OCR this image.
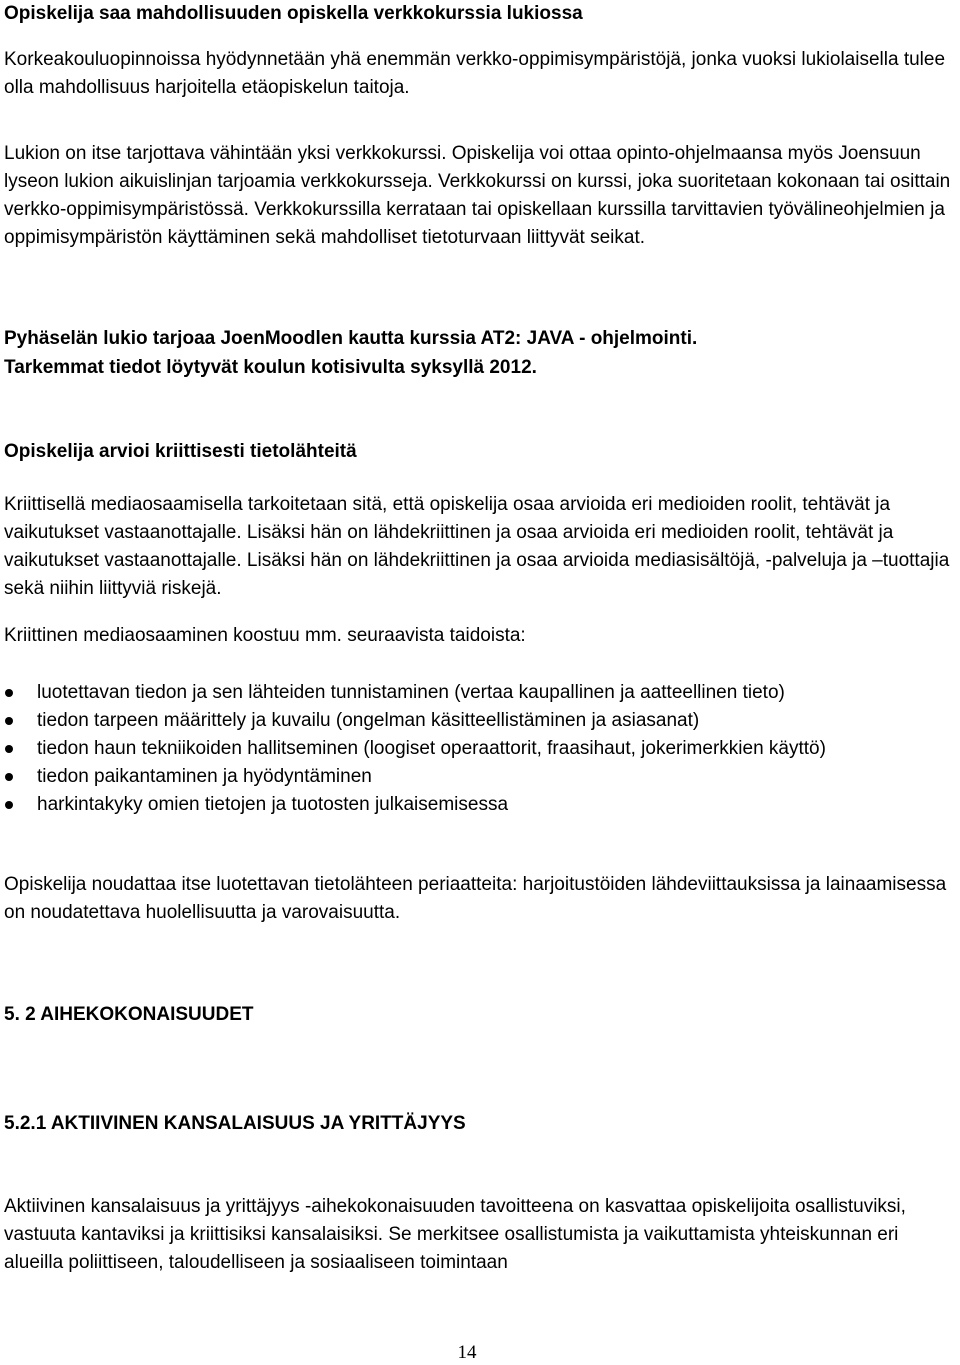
Opiskelija saa mahdollisuuden opiskella verkkokurssia lukiossa

Korkeakouluopinnoissa hyödynnetään yhä enemmän verkko-oppimisympäristöjä, jonka vuoksi lukiolaisella tulee olla mahdollisuus harjoitella etäopiskelun taitoja.

Lukion on itse tarjottava vähintään yksi verkkokurssi. Opiskelija voi ottaa opinto-ohjelmaansa myös Joensuun lyseon lukion aikuislinjan tarjoamia verkkokursseja. Verkkokurssi on kurssi, joka suoritetaan kokonaan tai osittain verkko-oppimisympäristössä. Verkkokurssilla kerrataan tai opiskellaan kurssilla tarvittavien työvälineohjelmien ja oppimisympäristön käyttäminen sekä mahdolliset tietoturvaan liittyvät seikat.

Pyhäselän lukio tarjoaa JoenMoodlen kautta kurssia AT2: JAVA - ohjelmointi.
Tarkemmat tiedot löytyvät koulun kotisivulta syksyllä 2012.
Opiskelija arvioi kriittisesti tietolähteitä

Kriittisellä mediaosaamisella tarkoitetaan sitä, että opiskelija osaa arvioida eri medioiden roolit, tehtävät ja vaikutukset vastaanottajalle. Lisäksi hän on lähdekriittinen ja osaa arvioida eri medioiden roolit, tehtävät ja vaikutukset vastaanottajalle. Lisäksi hän on lähdekriittinen ja osaa arvioida mediasisältöjä, -palveluja ja –tuottajia sekä niihin liittyviä riskejä.

Kriittinen mediaosaaminen koostuu mm. seuraavista taidoista:

luotettavan tiedon ja sen lähteiden tunnistaminen (vertaa kaupallinen ja aatteellinen tieto)
tiedon tarpeen määrittely ja kuvailu (ongelman käsitteellistäminen ja asiasanat)
tiedon haun tekniikoiden hallitseminen (loogiset operaattorit, fraasihaut, jokerimerkkien käyttö)
tiedon paikantaminen ja hyödyntäminen
harkintakyky omien tietojen ja tuotosten julkaisemisessa

Opiskelija noudattaa itse luotettavan tietolähteen periaatteita: harjoitustöiden lähdeviittauksissa ja lainaamisessa on noudatettava huolellisuutta ja varovaisuutta.

5. 2 AIHEKOKONAISUUDET
5.2.1 AKTIIVINEN KANSALAISUUS JA YRITTÄJYYS

Aktiivinen kansalaisuus ja yrittäjyys -aihekokonaisuuden tavoitteena on kasvattaa opiskelijoita osallistuviksi, vastuuta kantaviksi ja kriittisiksi kansalaisiksi. Se merkitsee osallistumista ja vaikuttamista yhteiskunnan eri alueilla poliittiseen, taloudelliseen ja sosiaaliseen toimintaan

14
